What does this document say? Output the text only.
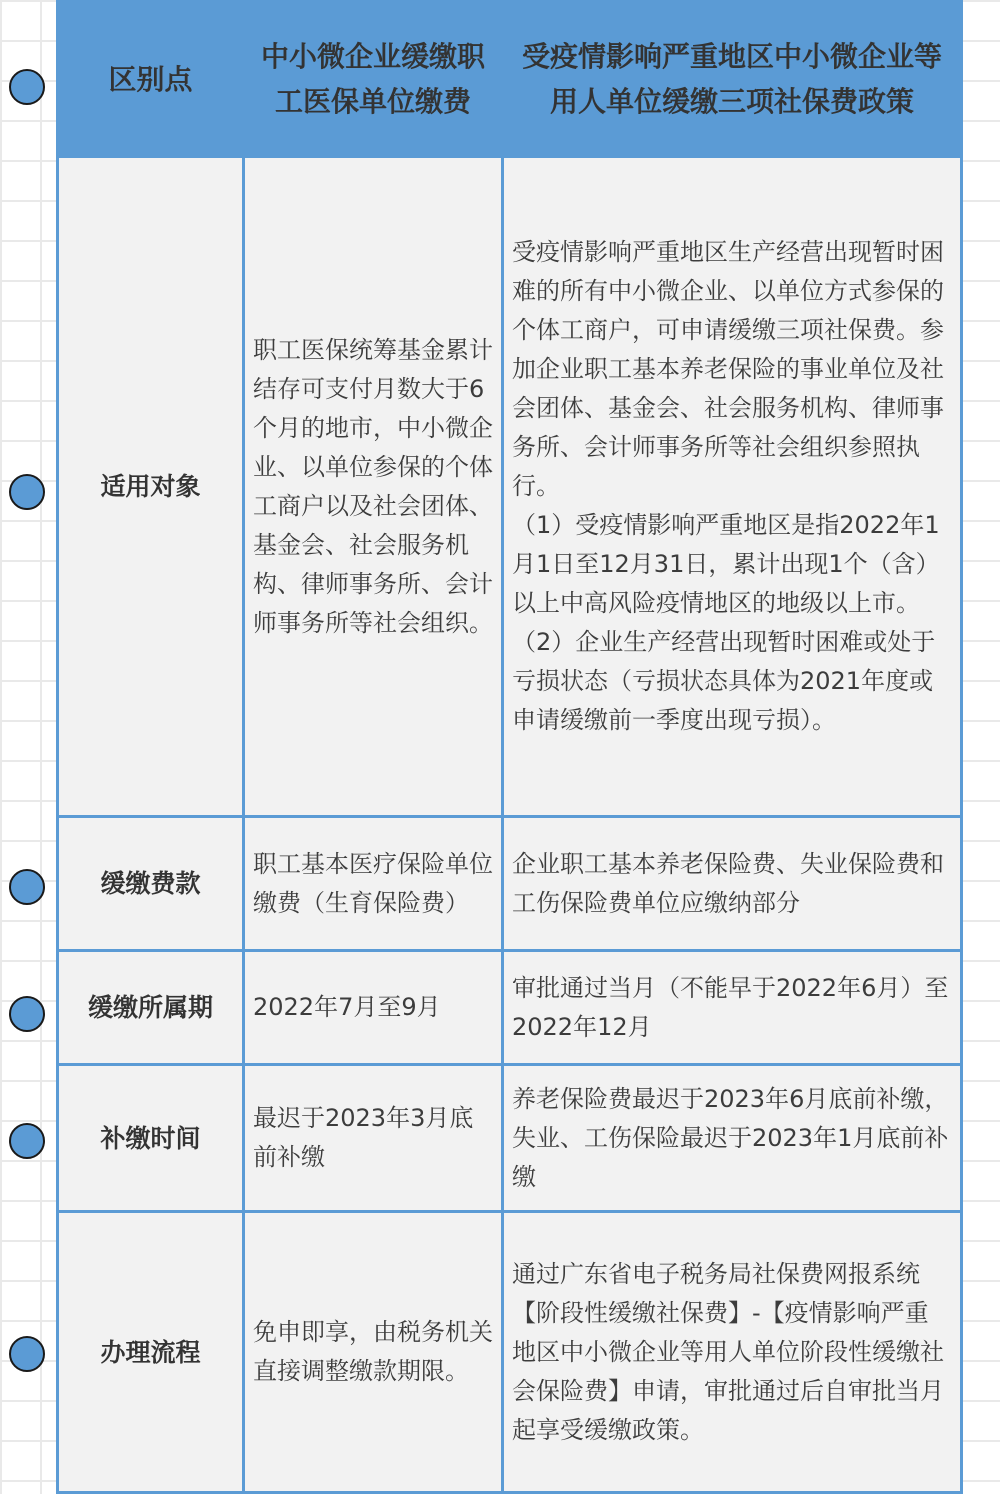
区别点	中小微企业缓缴职工医保单位缴费	受疫情影响严重地区中小微企业等用人单位缓缴三项社保费政策
适用对象	职工医保统筹基金累计结存可支付月数大于6个月的地市，中小微企业、以单位参保的个体工商户以及社会团体、基金会、社会服务机构、律师事务所、会计师事务所等社会组织。	受疫情影响严重地区生产经营出现暂时困难的所有中小微企业、以单位方式参保的个体工商户，可申请缓缴三项社保费。参加企业职工基本养老保险的事业单位及社会团体、基金会、社会服务机构、律师事务所、会计师事务所等社会组织参照执行。
（1）受疫情影响严重地区是指2022年1月1日至12月31日，累计出现1个（含）以上中高风险疫情地区的地级以上市。
（2）企业生产经营出现暂时困难或处于亏损状态（亏损状态具体为2021年度或申请缓缴前一季度出现亏损）。
缓缴费款	职工基本医疗保险单位缴费（生育保险费）	企业职工基本养老保险费、失业保险费和工伤保险费单位应缴纳部分
缓缴所属期	2022年7月至9月	审批通过当月（不能早于2022年6月）至2022年12月
补缴时间	最迟于2023年3月底前补缴	养老保险费最迟于2023年6月底前补缴，失业、工伤保险最迟于2023年1月底前补缴
办理流程	免申即享，由税务机关直接调整缴款期限。	通过广东省电子税务局社保费网报系统【阶段性缓缴社保费】-【疫情影响严重地区中小微企业等用人单位阶段性缓缴社会保险费】申请，审批通过后自审批当月起享受缓缴政策。
